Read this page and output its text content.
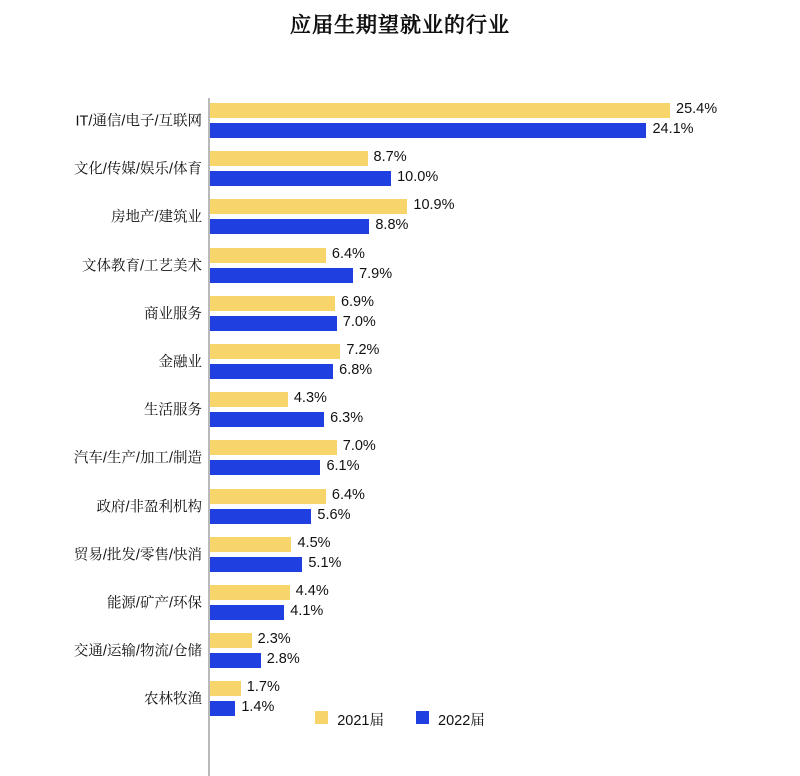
应届生期望就业的行业
IT/通信/电子/互联网
25.4%
24.1%
文化/传媒/娱乐/体育
8.7%
10.0%
房地产/建筑业
10.9%
8.8%
文体教育/工艺美术
6.4%
7.9%
商业服务
6.9%
7.0%
金融业
7.2%
6.8%
生活服务
4.3%
6.3%
汽车/生产/加工/制造
7.0%
6.1%
政府/非盈利机构
6.4%
5.6%
贸易/批发/零售/快消
4.5%
5.1%
能源/矿产/环保
4.4%
4.1%
交通/运输/物流/仓储
2.3%
2.8%
农林牧渔
1.7%
1.4%
2021届	2022届
